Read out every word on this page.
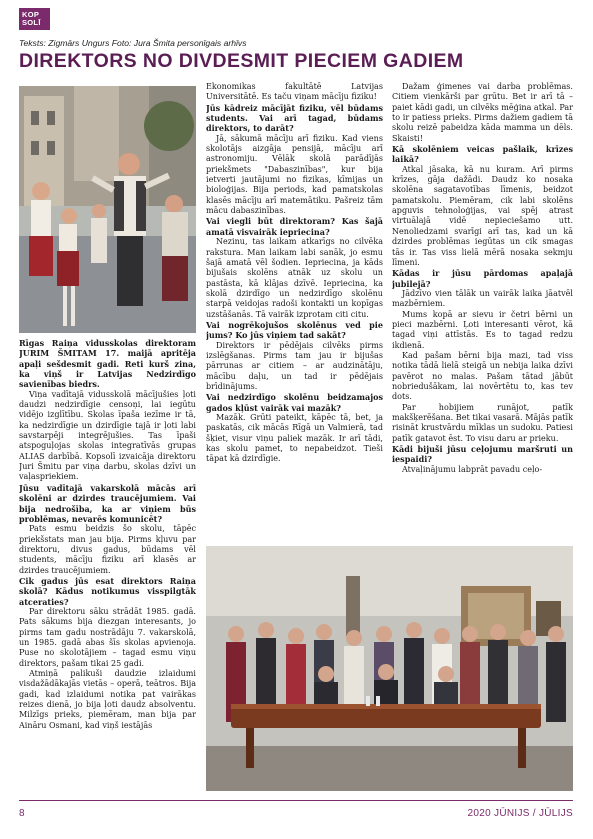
KOP
SOLĪ
Teksts: Zigmārs Ungurs Foto: Jura Šmita personīgais arhīvs
DIREKTORS NO DIVDESMIT PIECIEM GADIEM

Rīgas Raiņa vidusskolas direktoram JURIM ŠMITAM 17. maijā apritēja apaļi sešdesmit gadi. Reti kurš zina, ka viņš ir Latvijas Nedzirdīgo savienības biedrs.

Viņa vadītajā vidusskolā mācījušies ļoti daudzi nedzirdīgie censoņi, lai iegūtu vidējo izglītību. Skolas īpaša iezīme ir tā, ka nedzirdīgie un dzirdīgie tajā ir ļoti labi savstarpēji integrējušies. Tas īpaši atspoguļojas skolas integratīvās grupas ALIAS darbībā. Kopsolī izvaicāja direktoru Juri Šmitu par viņa darbu, skolas dzīvi un vaļaspriekiem.

Jūsu vadītajā vakarskolā mācās arī skolēni ar dzirdes traucējumiem. Vai bija nedrošība, ka ar viņiem būs problēmas, nevarēs komunicēt?

Pats esmu beidzis šo skolu, tāpēc priekšstats man jau bija. Pirms kļuvu par direktoru, divus gadus, būdams vēl students, mācīju fiziku arī klasēs ar dzirdes traucējumiem.

Cik gadus jūs esat direktors Raiņa skolā? Kādus notikumus visspilgtāk atceraties?

Par direktoru sāku strādāt 1985. gadā. Pats sākums bija diezgan interesants, jo pirms tam gadu nostrādāju 7. vakarskolā, un 1985. gadā abas šīs skolas apvienoja. Puse no skolotājiem – tagad esmu viņu direktors, pašam tikai 25 gadi.

Atmiņā palikuši daudzie izlaidumi visdažādākajās vietās – operā, teātros. Bija gadi, kad izlaidumi notika pat vairākas reizes dienā, jo bija ļoti daudz absolventu. Milzīgs prieks, piemēram, man bija par Aināru Osmani, kad viņš iestājās

Ekonomikas fakultātē Latvijas Universitātē. Es taču viņam mācīju fiziku!

Jūs kādreiz mācījāt fiziku, vēl būdams students. Vai arī tagad, būdams direktors, to darāt?

Jā, sākumā mācīju arī fiziku. Kad viens skolotājs aizgāja pensijā, mācīju arī astronomiju. Vēlāk skolā parādījās priekšmets "Dabaszinības", kur bija ietverti jautājumi no fizikas, ķīmijas un bioloģijas. Bija periods, kad pamatskolas klasēs mācīju arī matemātiku. Pašreiz tām mācu dabaszinības.

Vai viegli būt direktoram? Kas šajā amatā visvairāk iepriecina?

Nezinu, tas laikam atkarīgs no cilvēka rakstura. Man laikam labi sanāk, jo esmu šajā amatā vēl šodien. Iepriecina, ja kāds bijušais skolēns atnāk uz skolu un pastāsta, kā klājas dzīvē. Iepriecina, ka skolā dzirdīgo un nedzirdīgo skolēnu starpā veidojas radoši kontakti un kopīgas uzstāšanās. Tā vairāk izprotam citi citu.

Vai nogrēkojušos skolēnus ved pie jums? Ko jūs viņiem tad sakāt?

Direktors ir pēdējais cilvēks pirms izslēgšanas. Pirms tam jau ir bijušas pārrunas ar citiem – ar audzinātāju, mācību daļu, un tad ir pēdējais brīdinājums.

Vai nedzirdīgo skolēnu beidzamajos gados kļūst vairāk vai mazāk?

Mazāk. Grūti pateikt, kāpēc tā, bet, ja paskatās, cik mācās Rīgā un Valmierā, tad šķiet, visur viņu paliek mazāk. Ir arī tādi, kas skolu pamet, to nepabeidzot. Tieši tāpat kā dzirdīgie.

Dažam ģimenes vai darba problēmas. Citiem vienkārši par grūtu. Bet ir arī tā – paiet kādi gadi, un cilvēks mēģina atkal. Par to ir patiess prieks. Pirms dažiem gadiem tā skolu reizē pabeidza kāda mamma un dēls. Skaisti!

Kā skolēniem veicas pašlaik, krīzes laikā?

Atkal jāsaka, kā nu kuram. Arī pirms krīzes, gāja dažādi. Daudz ko nosaka skolēna sagatavotības līmenis, beidzot pamatskolu. Piemēram, cik labi skolēns apguvis tehnoloģijas, vai spēj atrast virtuālajā vidē nepieciešamo utt. Nenoliedzami svarīgi arī tas, kad un kā dzirdes problēmas iegūtas un cik smagas tās ir. Tas viss lielā mērā nosaka sekmju līmeni.

Kādas ir jūsu pārdomas apaļajā jubilejā?

Jādzīvo vien tālāk un vairāk laika jāatvēl mazbērniem.

Mums kopā ar sievu ir četri bērni un pieci mazbērni. Ļoti interesanti vērot, kā tagad viņi attīstās. Es to tagad redzu ikdienā.

Kad pašam bērni bija mazi, tad viss notika tādā lielā steigā un nebija laika dzīvi pavērot no malas. Pašam tātad jābūt nobriedušākam, lai novērtētu to, kas tev dots.

Par hobijiem runājot, patīk makšķerēšana. Bet tikai vasarā. Mājās patīk risināt krustvārdu mīklas un sudoku. Patiesi patīk gatavot ēst. To visu daru ar prieku.

Kādi bijuši jūsu ceļojumu maršruti un iespaidi?

Atvaļinājumu labprāt pavadu ceļo-

8	2020 JŪNIJS / JŪLIJS
